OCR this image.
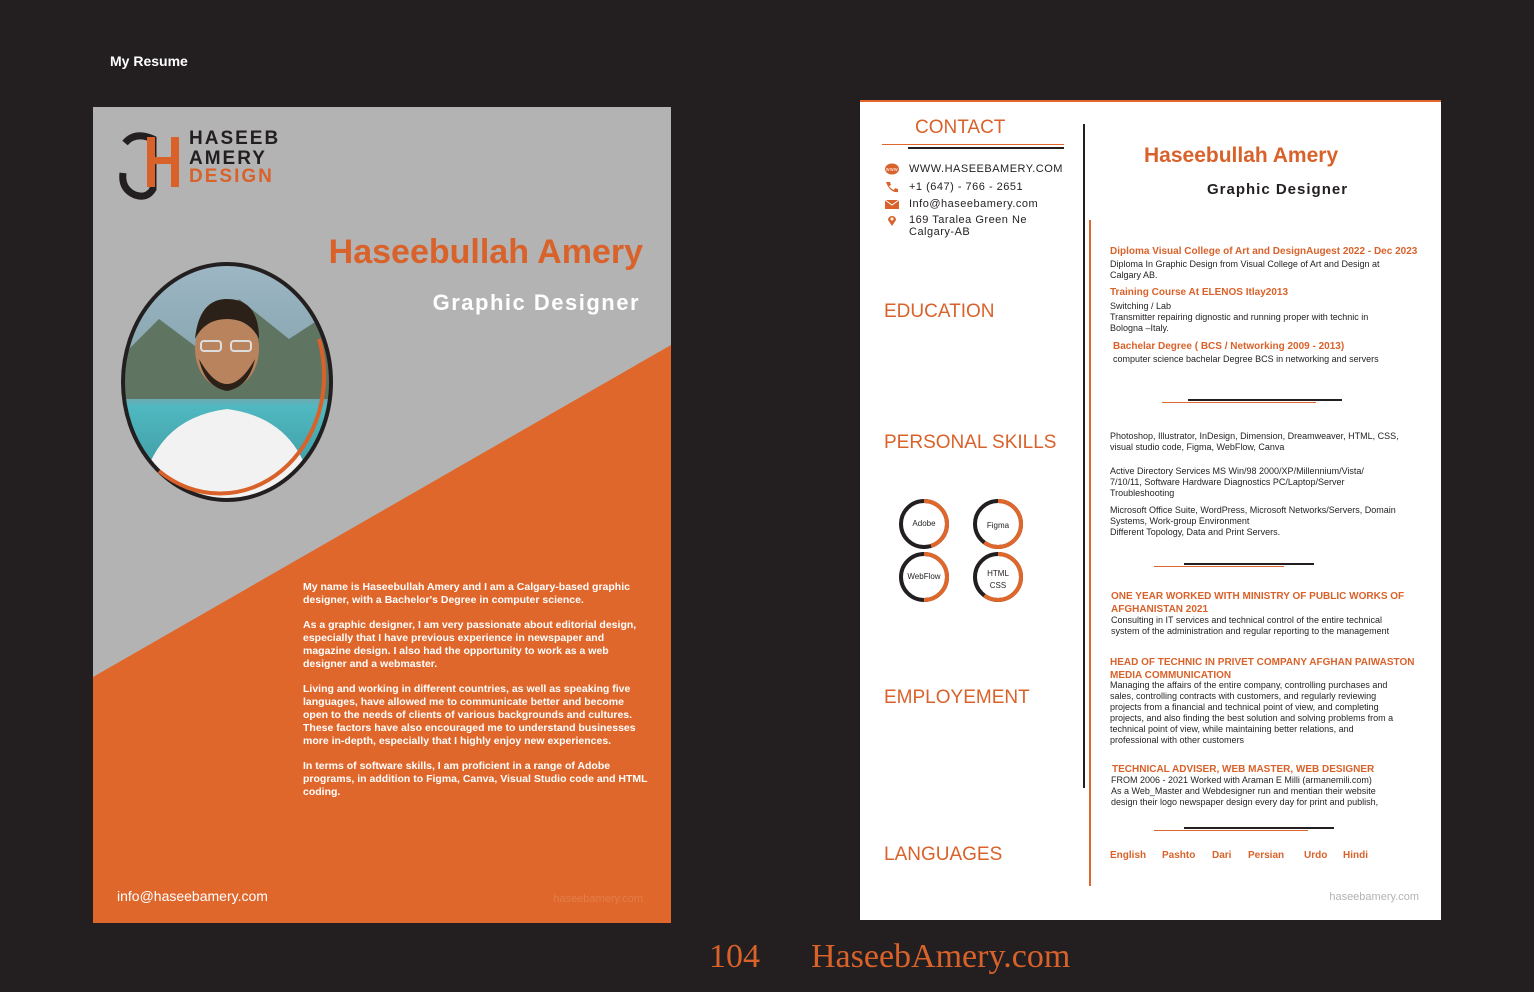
My Resume
HASEEB
AMERY
DESIGN
Haseebullah Amery
Graphic Designer

My name is Haseebullah Amery and I am a Calgary-based graphic designer, with a Bachelor's Degree in computer science.

As a graphic designer, I am very passionate about editorial design, especially that I have previous experience in newspaper and magazine design. I also had the opportunity to work as a web designer and a webmaster.

Living and working in different countries, as well as speaking five languages, have allowed me to communicate better and become open to the needs of clients of various backgrounds and cultures. These factors have also encouraged me to understand businesses more in-depth, especially that I highly enjoy new experiences.

In terms of software skills, I am proficient in a range of Adobe programs, in addition to Figma, Canva, Visual Studio code and HTML coding.

info@haseebamery.com	haseebamery.com
CONTACT
www WWW.HASEEBAMERY.COM
+1 (647) - 766 - 2651
Info@haseebamery.com
169 Taralea Green Ne
Calgary-AB
Haseebullah Amery
Graphic Designer
EDUCATION
PERSONAL SKILLS
EMPLOYEMENT
LANGUAGES
Diploma Visual College of Art and DesignAugest 2022 - Dec 2023
Diploma In Graphic Design from Visual College of Art and Design at Calgary AB.
Training Course At ELENOS Itlay2013
Switching / Lab
Transmitter repairing dignostic and running proper with technic in Bologna –Italy.
Bachelar Degree ( BCS / Networking 2009 - 2013)
computer science bachelar Degree BCS in networking and servers
Photoshop, Illustrator, InDesign, Dimension, Dreamweaver, HTML, CSS, visual studio code, Figma, WebFlow, Canva
Active Directory Services MS Win/98 2000/XP/Millennium/Vista/ 7/10/11, Software Hardware Diagnostics PC/Laptop/Server Troubleshooting
Microsoft Office Suite, WordPress, Microsoft Networks/Servers, Domain Systems, Work-group Environment
Different Topology, Data and Print Servers.
Adobe	Figma
WebFlow	HTML
CSS
ONE YEAR WORKED WITH MINISTRY OF PUBLIC WORKS OF AFGHANISTAN 2021
Consulting in IT services and technical control of the entire technical system of the administration and regular reporting to the management
HEAD OF TECHNIC IN PRIVET COMPANY AFGHAN PAIWASTON MEDIA COMMUNICATION
Managing the affairs of the entire company, controlling purchases and sales, controlling contracts with customers, and regularly reviewing projects from a financial and technical point of view, and completing projects, and also finding the best solution and solving problems from a technical point of view, while maintaining better relations, and professional with other customers
TECHNICAL ADVISER, WEB MASTER, WEB DESIGNER
FROM 2006 - 2021 Worked with Araman E Milli (armanemili.com)
As a Web_Master and Webdesigner run and mentian their website design their logo newspaper design every day for print and publish,
English Pashto Dari Persian Urdo Hindi
haseebamery.com
104 HaseebAmery.com
